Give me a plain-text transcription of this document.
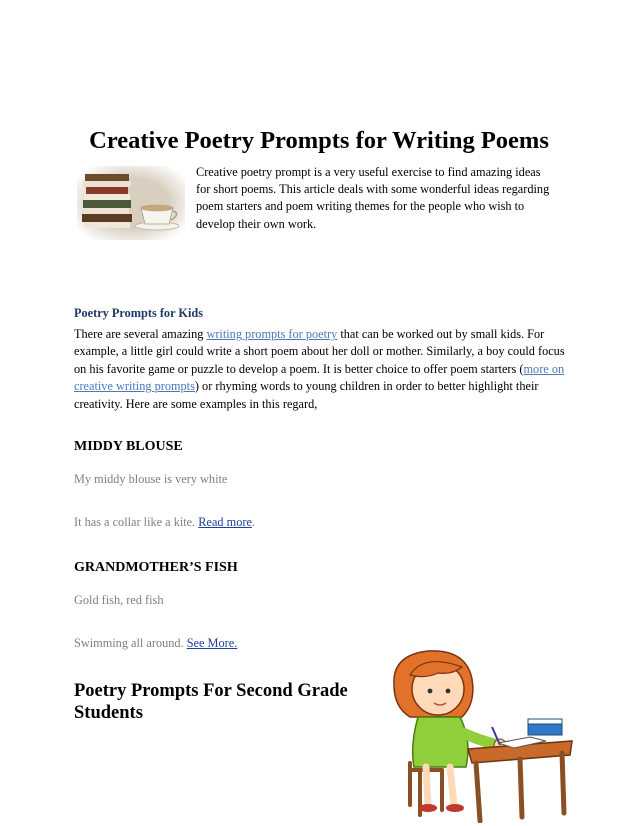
Creative Poetry Prompts for Writing Poems

Creative poetry prompt is a very useful exercise to find amazing ideas for short poems. This article deals with some wonderful ideas regarding poem starters and poem writing themes for the people who wish to develop their own work.

Poetry Prompts for Kids

There are several amazing writing prompts for poetry that can be worked out by small kids. For example, a little girl could write a short poem about her doll or mother. Similarly, a boy could focus on his favorite game or puzzle to develop a poem. It is better choice to offer poem starters (more on creative writing prompts) or rhyming words to young children in order to better highlight their creativity. Here are some examples in this regard,

MIDDY BLOUSE

My middy blouse is very white

It has a collar like a kite. Read more.

GRANDMOTHER’S FISH

Gold fish, red fish

Swimming all around. See More.

Poetry Prompts For Second Grade Students
